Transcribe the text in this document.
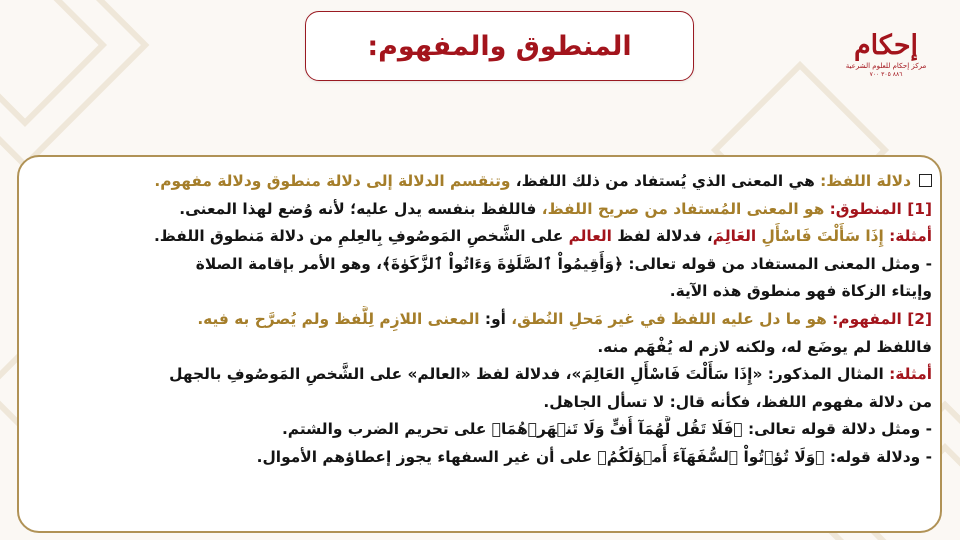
المنطوق والمفهوم:	إحكام
مركز إحكام للعلوم الشرعية
٨٨٦ ٣٠٥ ٧٠٠
دلالة اللفظ: هي المعنى الذي يُستفاد من ذلك اللفظ، وتنقسم الدلالة إلى دلالة منطوق ودلالة مفهوم.
[1] المنطوق: هو المعنى المُستفاد من صريح اللفظ، فاللفظ بنفسه يدل عليه؛ لأنه وُضع لهذا المعنى.
أمثلة: إِذَا سَأَلْتَ فَاسْأَلِ العَالِمَ، فدلالة لفظ العالم على الشَّخصِ المَوصُوفِ بِالعِلمِ من دلالة مَنطوق اللفظ.
- ومثل المعنى المستفاد من قوله تعالى: ﴿وَأَقِيمُواْ ٱلصَّلَوٰةَ وَءَاتُواْ ٱلزَّكَوٰةَ﴾، وهو الأمر بإقامة الصلاة
وإيتاء الزكاة فهو منطوق هذه الآية.
[2] المفهوم: هو ما دل عليه اللفظ في غير مَحلِ النُطق، أو: المعنى اللازِم لِلَّفظ ولم يُصرَّح به فيه.
فاللفظ لم يوضَع له، ولكنه لازم له يُفْهَم منه.
أمثلة: المثال المذكور: «إِذَا سَأَلْتَ فَاسْأَلِ العَالِمَ»، فدلالة لفظ «العالم» على الشَّخصِ المَوصُوفِ بالجهل
من دلالة مفهوم اللفظ، فكأنه قال: لا تسأل الجاهل.
- ومثل دلالة قوله تعالى: ﴿فَلَا تَقُل لَّهُمَآ أُفٍّ وَلَا تَنۡهَرۡهُمَا﴾ على تحريم الضرب والشتم.
- ودلالة قوله: ﴿وَلَا تُؤۡتُواْ ٱلسُّفَهَآءَ أَمۡوَٰلَكُمُ﴾ على أن غير السفهاء يجوز إعطاؤهم الأموال.
